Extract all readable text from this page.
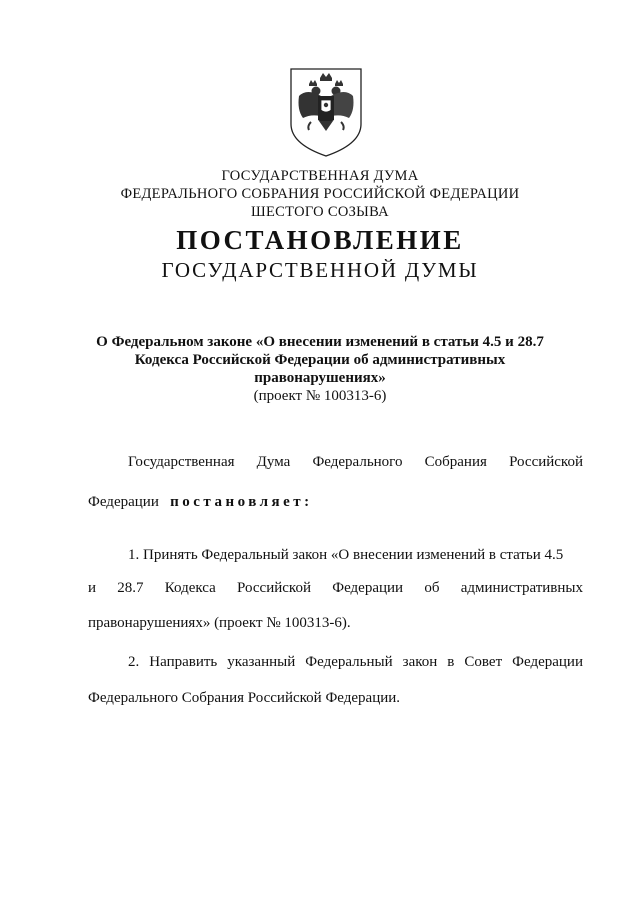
ГОСУДАРСТВЕННАЯ ДУМА
ФЕДЕРАЛЬНОГО СОБРАНИЯ РОССИЙСКОЙ ФЕДЕРАЦИИ
ШЕСТОГО СОЗЫВА
ПОСТАНОВЛЕНИЕ
ГОСУДАРСТВЕННОЙ ДУМЫ
О Федеральном законе «О внесении изменений в статьи 4.5 и 28.7
Кодекса Российской Федерации об административных
правонарушениях»
(проект № 100313-6)
Государственная Дума Федерального Собрания Российской
Федерации постановляет:
1. Принять Федеральный закон «О внесении изменений в статьи 4.5
и 28.7 Кодекса Российской Федерации об административных
правонарушениях» (проект № 100313-6).
2. Направить указанный Федеральный закон в Совет Федерации
Федерального Собрания Российской Федерации.
